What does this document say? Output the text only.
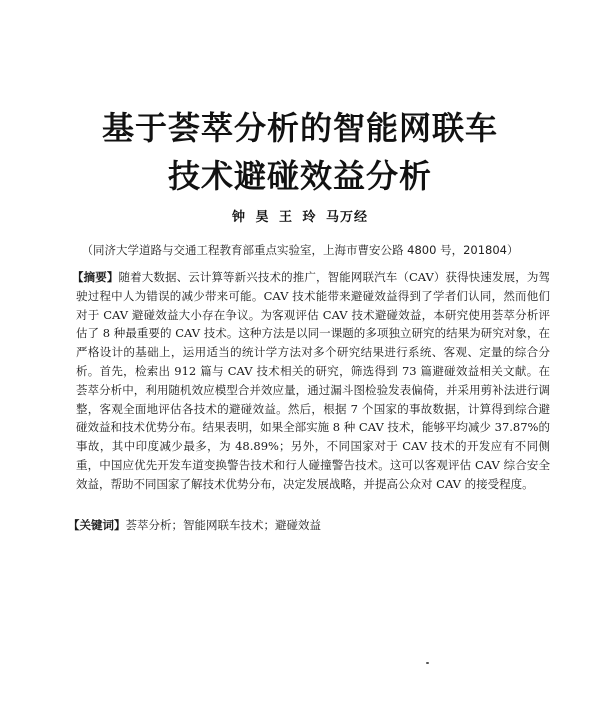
基于荟萃分析的智能网联车
技术避碰效益分析
钟 昊 王 玲 马万经
（同济大学道路与交通工程教育部重点实验室，上海市曹安公路 4800 号，201804）
【摘要】随着大数据、云计算等新兴技术的推广，智能网联汽车（CAV）获得快速发展，为驾驶过程中人为错误的减少带来可能。CAV 技术能带来避碰效益得到了学者们认同，然而他们对于 CAV 避碰效益大小存在争议。为客观评估 CAV 技术避碰效益，本研究使用荟萃分析评估了 8 种最重要的 CAV 技术。这种方法是以同一课题的多项独立研究的结果为研究对象，在严格设计的基础上，运用适当的统计学方法对多个研究结果进行系统、客观、定量的综合分析。首先，检索出 912 篇与 CAV 技术相关的研究，筛选得到 73 篇避碰效益相关文献。在荟萃分析中，利用随机效应模型合并效应量，通过漏斗图检验发表偏倚，并采用剪补法进行调整，客观全面地评估各技术的避碰效益。然后，根据 7 个国家的事故数据，计算得到综合避碰效益和技术优势分布。结果表明，如果全部实施 8 种 CAV 技术，能够平均减少 37.87%的事故，其中印度减少最多，为 48.89%；另外，不同国家对于 CAV 技术的开发应有不同侧重，中国应优先开发车道变换警告技术和行人碰撞警告技术。这可以客观评估 CAV 综合安全效益，帮助不同国家了解技术优势分布，决定发展战略，并提高公众对 CAV 的接受程度。
【关键词】荟萃分析；智能网联车技术；避碰效益
